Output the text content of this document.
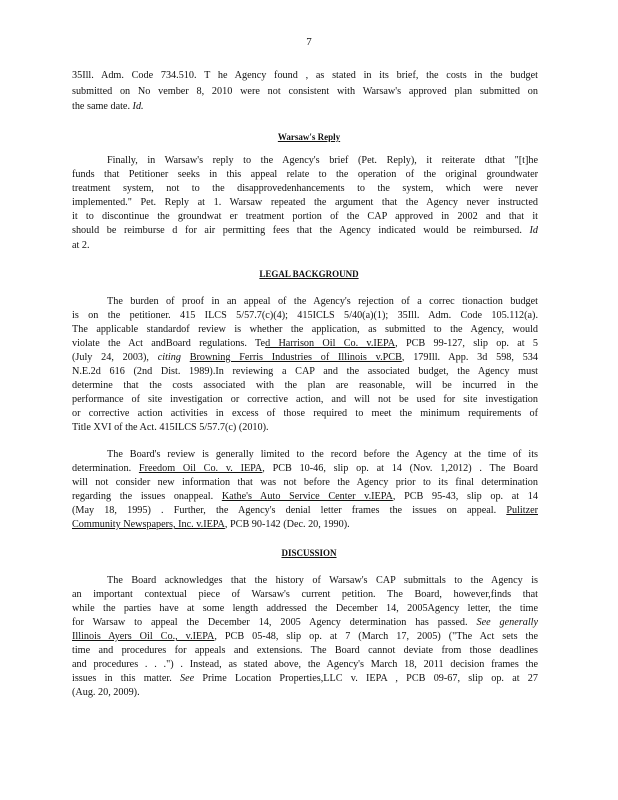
7
35Ill. Adm. Code 734.510. T he Agency found , as stated in its brief, the costs in the budget
submitted on No vember 8, 2010 were not consistent with Warsaw's approved plan submitted on
the same date. Id.
Warsaw's Reply
Finally, in Warsaw's reply to the Agency's brief (Pet. Reply), it reiterate dthat "[t]he
funds that Petitioner seeks in this appeal relate to the operation of the original groundwater
treatment system, not to the disapprovedenhancements to the system, which were never
implemented." Pet. Reply at 1. Warsaw repeated the argument that the Agency never instructed
it to discontinue the groundwat er treatment portion of the CAP approved in 2002 and that it
should be reimburse d for air permitting fees that the Agency indicated would be reimbursed. Id
at 2.
LEGAL BACKGROUND
The burden of proof in an appeal of the Agency's rejection of a correc tionaction budget
is on the petitioner. 415 ILCS 5/57.7(c)(4); 415ICLS 5/40(a)(1); 35Ill. Adm. Code 105.112(a).
The applicable standardof review is whether the application, as submitted to the Agency, would
violate the Act andBoard regulations. Ted Harrison Oil Co. v.IEPA, PCB 99-127, slip op. at 5
(July 24, 2003), citing Browning Ferris Industries of Illinois v.PCB, 179Ill. App. 3d 598, 534
N.E.2d 616 (2nd Dist. 1989).In reviewing a CAP and the associated budget, the Agency must
determine that the costs associated with the plan are reasonable, will be incurred in the
performance of site investigation or corrective action, and will not be used for site investigation
or corrective action activities in excess of those required to meet the minimum requirements of
Title XVI of the Act. 415ILCS 5/57.7(c) (2010).
The Board's review is generally limited to the record before the Agency at the time of its
determination. Freedom Oil Co. v. IEPA, PCB 10-46, slip op. at 14 (Nov. 1,2012) . The Board
will not consider new information that was not before the Agency prior to its final determination
regarding the issues onappeal. Kathe's Auto Service Center v.IEPA, PCB 95-43, slip op. at 14
(May 18, 1995) . Further, the Agency's denial letter frames the issues on appeal. Pulitzer
Community Newspapers, Inc. v.IEPA, PCB 90-142 (Dec. 20, 1990).
DISCUSSION
The Board acknowledges that the history of Warsaw's CAP submittals to the Agency is
an important contextual piece of Warsaw's current petition. The Board, however,finds that
while the parties have at some length addressed the December 14, 2005Agency letter, the time
for Warsaw to appeal the December 14, 2005 Agency determination has passed. See generally
Illinois Ayers Oil Co., v.IEPA, PCB 05-48, slip op. at 7 (March 17, 2005) ("The Act sets the
time and procedures for appeals and extensions. The Board cannot deviate from those deadlines
and procedures . . .") . Instead, as stated above, the Agency's March 18, 2011 decision frames the
issues in this matter. See Prime Location Properties,LLC v. IEPA , PCB 09-67, slip op. at 27
(Aug. 20, 2009).
